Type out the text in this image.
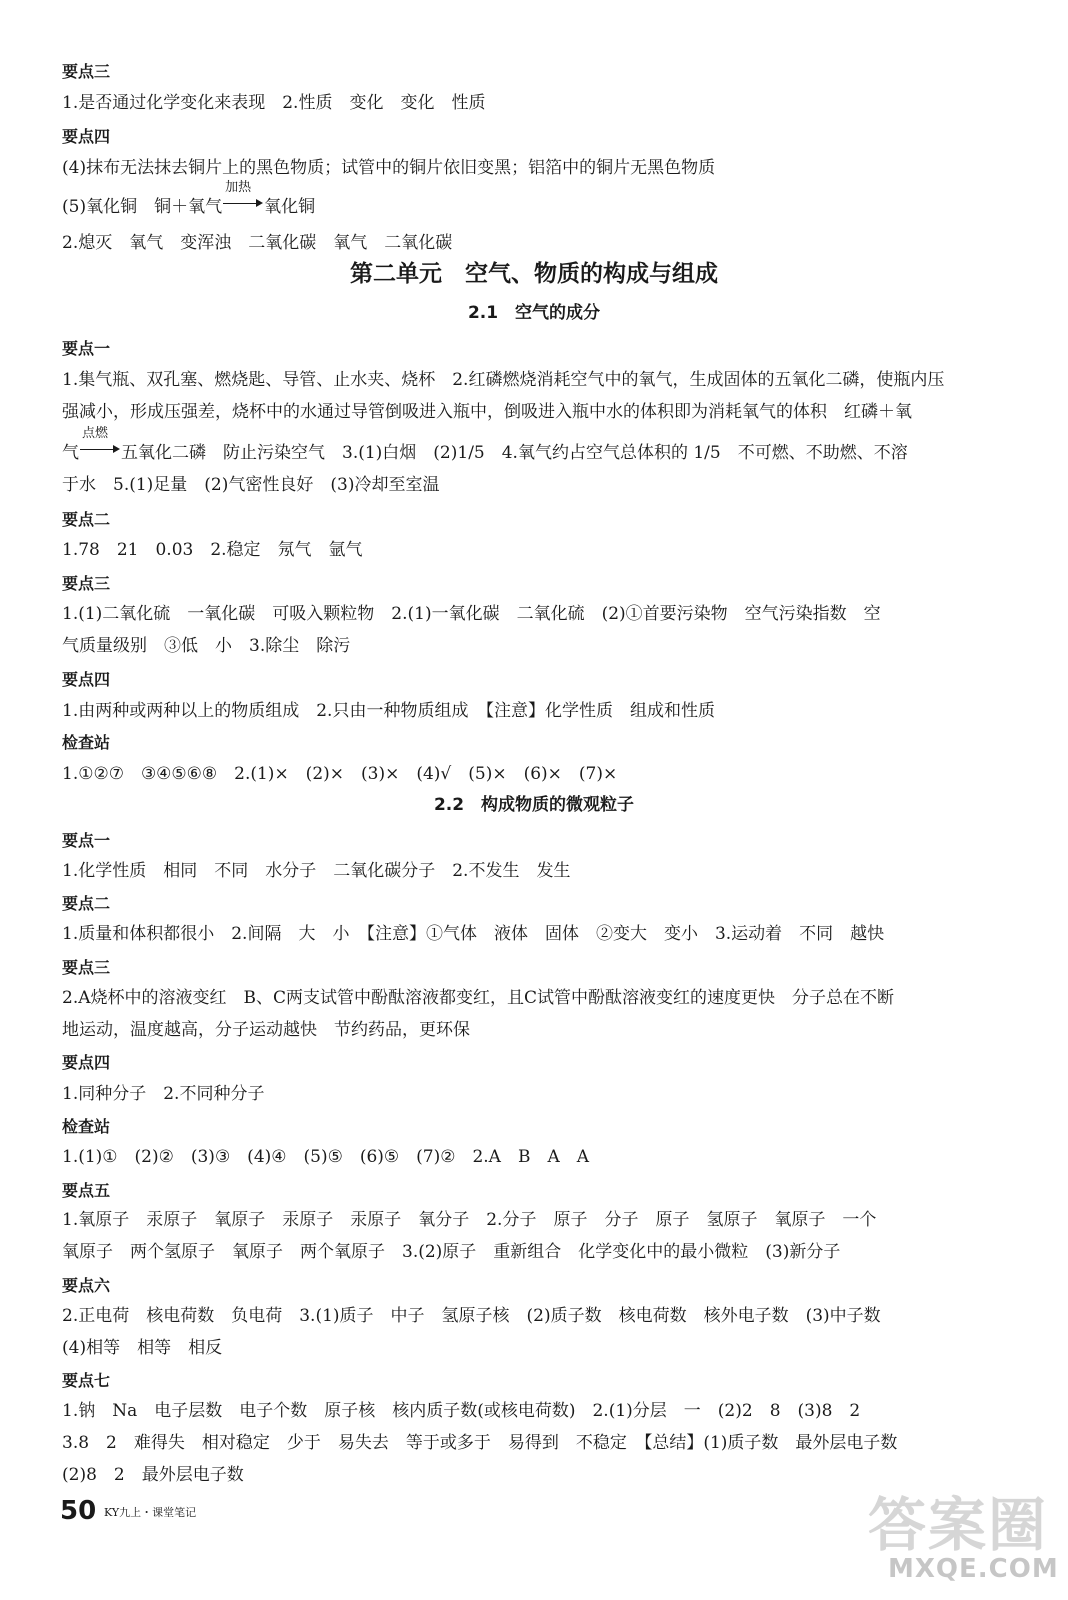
要点三
1.是否通过化学变化来表现　2.性质　变化　变化　性质
要点四
(4)抹布无法抹去铜片上的黑色物质；试管中的铜片依旧变黑；铝箔中的铜片无黑色物质
(5)氧化铜　铜＋氧气
加热
氧化铜
2.熄灭　氧气　变浑浊　二氧化碳　氧气　二氧化碳
第二单元　空气、物质的构成与组成
2.1　空气的成分
要点一
1.集气瓶、双孔塞、燃烧匙、导管、止水夹、烧杯　2.红磷燃烧消耗空气中的氧气，生成固体的五氧化二磷，使瓶内压
强减小，形成压强差，烧杯中的水通过导管倒吸进入瓶中，倒吸进入瓶中水的体积即为消耗氧气的体积　红磷＋氧
气
点燃
五氧化二磷　防止污染空气　3.(1)白烟　(2)1/5　4.氧气约占空气总体积的 1/5　不可燃、不助燃、不溶
于水　5.(1)足量　(2)气密性良好　(3)冷却至室温
要点二
1.78　21　0.03　2.稳定　氖气　氩气
要点三
1.(1)二氧化硫　一氧化碳　可吸入颗粒物　2.(1)一氧化碳　二氧化硫　(2)①首要污染物　空气污染指数　空
气质量级别　③低　小　3.除尘　除污
要点四
1.由两种或两种以上的物质组成　2.只由一种物质组成　【注意】化学性质　组成和性质
检查站
1.①②⑦　③④⑤⑥⑧　2.(1)×　(2)×　(3)×　(4)√　(5)×　(6)×　(7)×
2.2　构成物质的微观粒子
要点一
1.化学性质　相同　不同　水分子　二氧化碳分子　2.不发生　发生
要点二
1.质量和体积都很小　2.间隔　大　小　【注意】①气体　液体　固体　②变大　变小　3.运动着　不同　越快
要点三
2.A烧杯中的溶液变红　B、C两支试管中酚酞溶液都变红，且C试管中酚酞溶液变红的速度更快　分子总在不断
地运动，温度越高，分子运动越快　节约药品，更环保
要点四
1.同种分子　2.不同种分子
检查站
1.(1)①　(2)②　(3)③　(4)④　(5)⑤　(6)⑤　(7)②　2.A　B　A　A
要点五
1.氧原子　汞原子　氧原子　汞原子　汞原子　氧分子　2.分子　原子　分子　原子　氢原子　氧原子　一个
氧原子　两个氢原子　氧原子　两个氧原子　3.(2)原子　重新组合　化学变化中的最小微粒　(3)新分子
要点六
2.正电荷　核电荷数　负电荷　3.(1)质子　中子　氢原子核　(2)质子数　核电荷数　核外电子数　(3)中子数
(4)相等　相等　相反
要点七
1.钠　Na　电子层数　电子个数　原子核　核内质子数(或核电荷数)　2.(1)分层　一　(2)2　8　(3)8　2
3.8　2　难得失　相对稳定　少于　易失去　等于或多于　易得到　不稳定　【总结】(1)质子数　最外层电子数
(2)8　2　最外层电子数
50 KY九上・课堂笔记	答案圈
MXQE.COM
